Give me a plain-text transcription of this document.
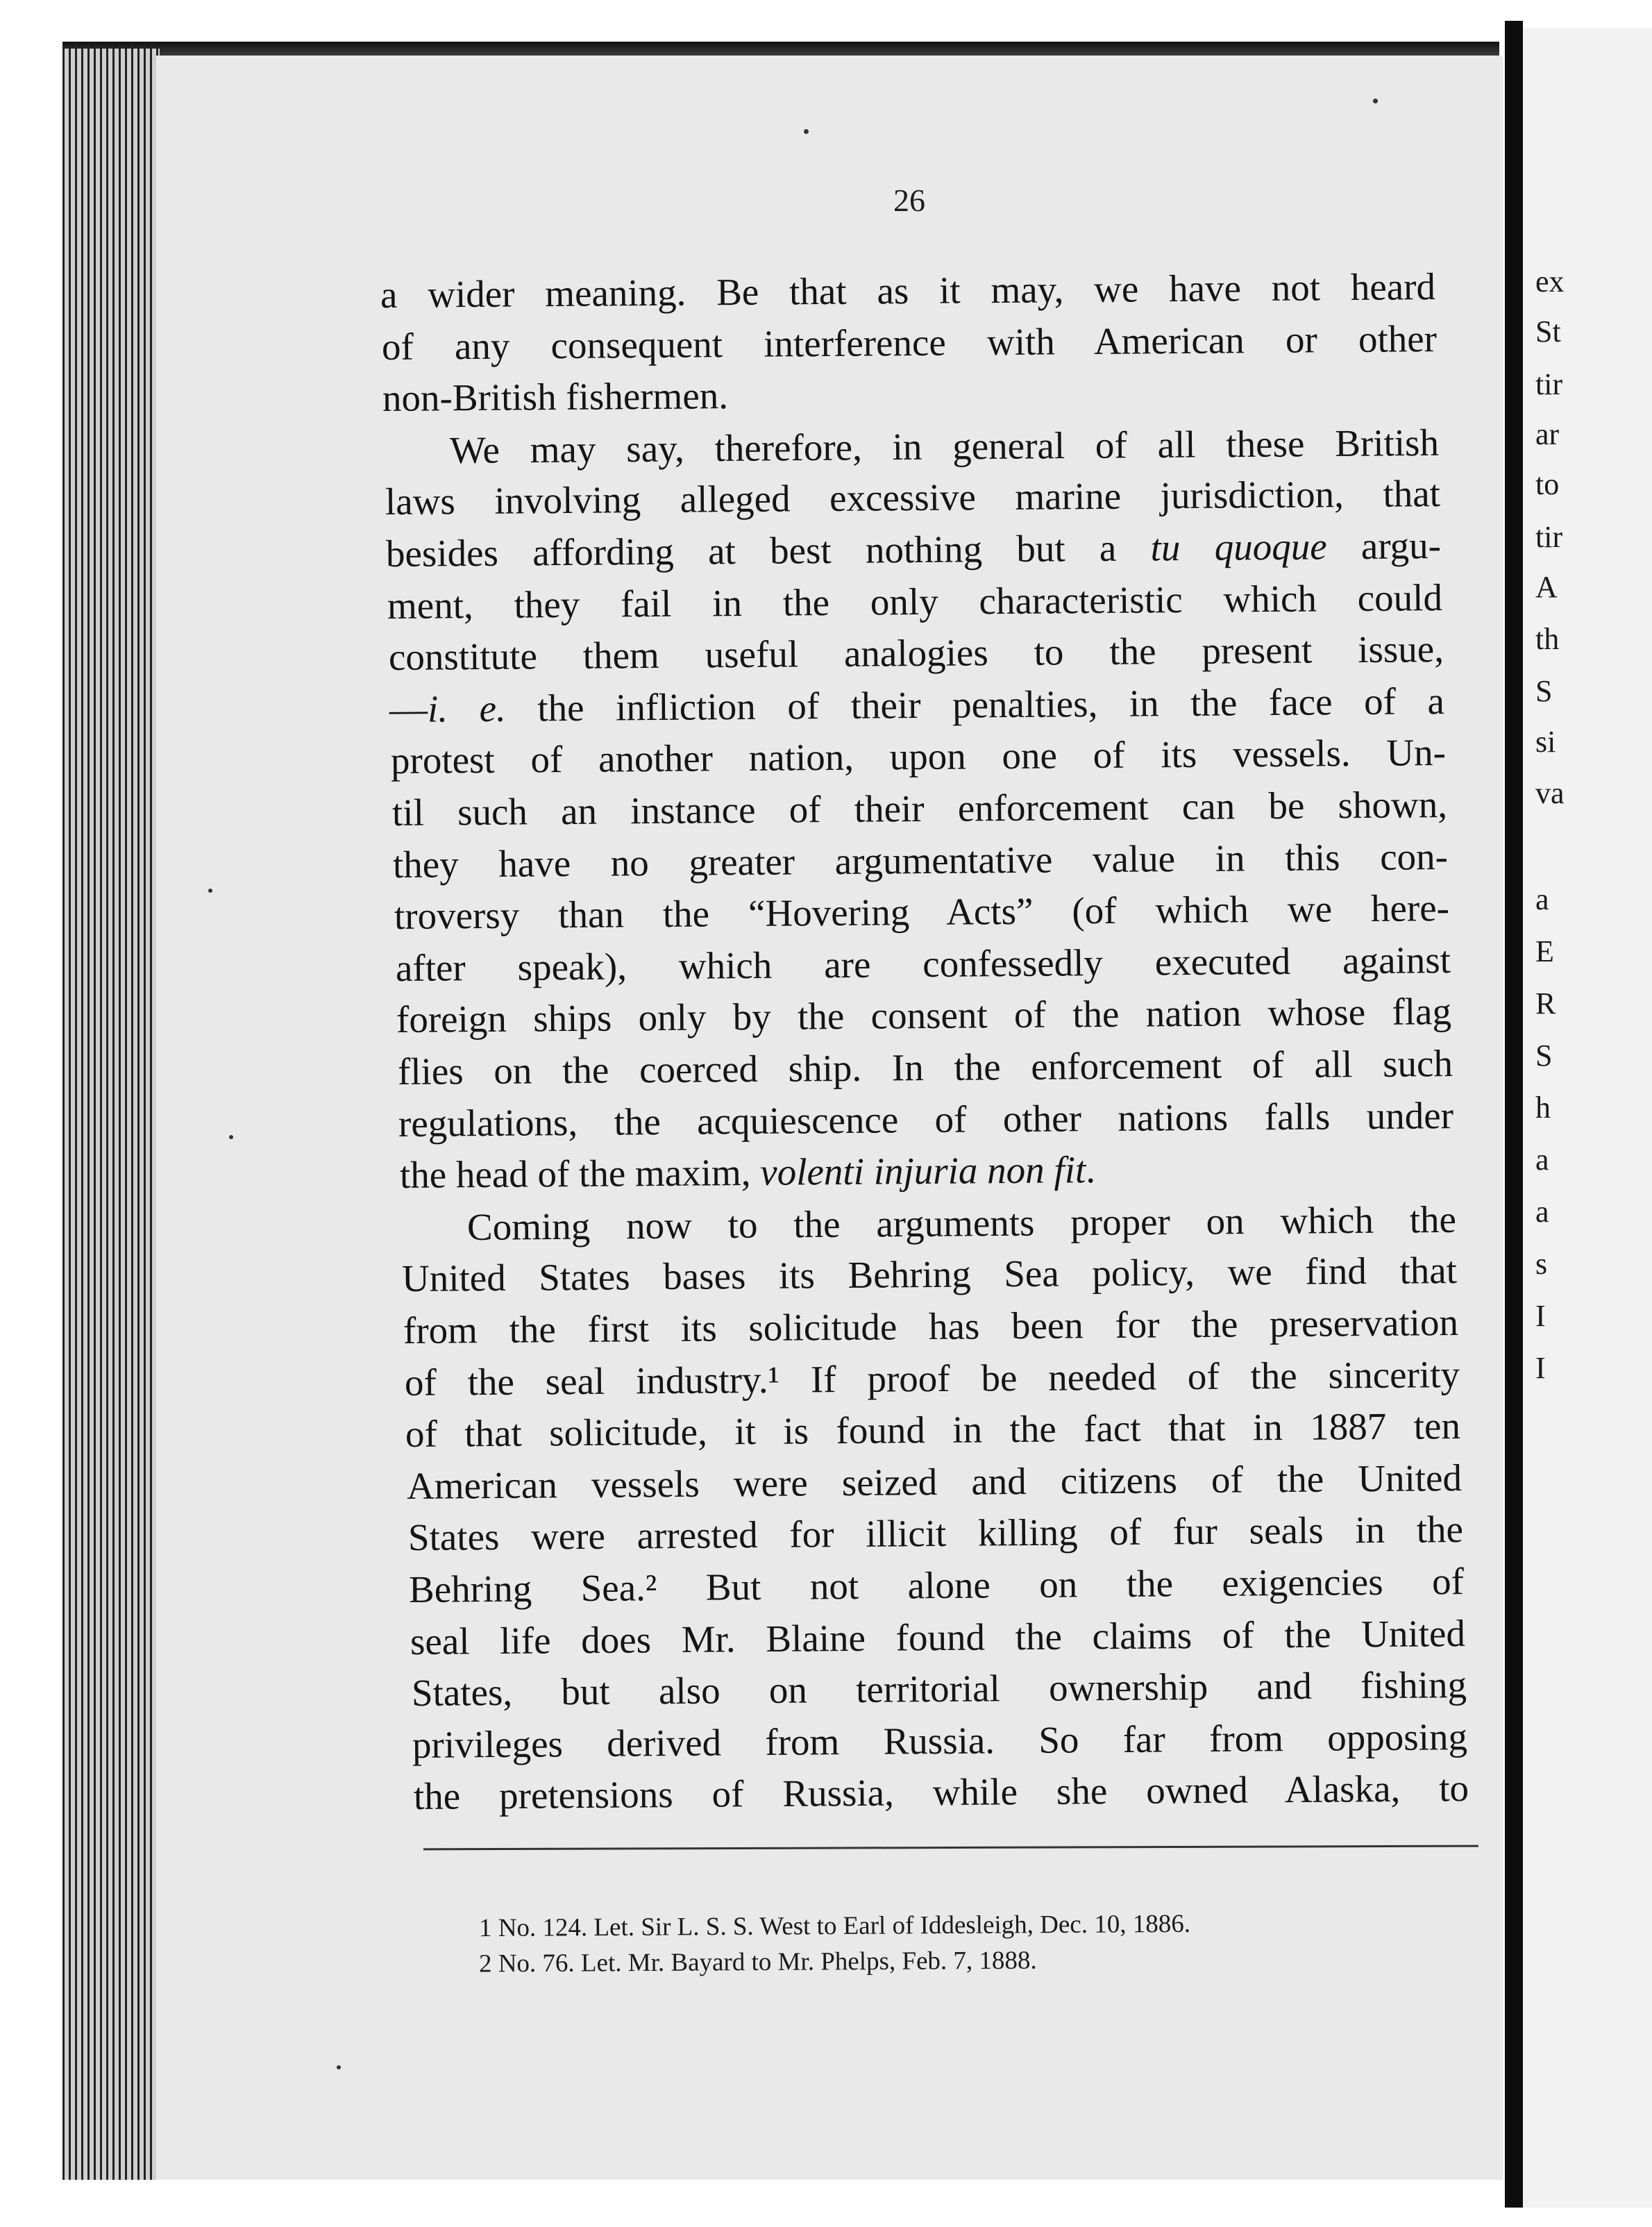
ex
St
tir
ar
to
tir
A
th
S
si
va
a
E
R
S
h
a
a
s
I
I
26
a wider meaning. Be that as it may, we have not heard
of any consequent interference with American or other
non-British fishermen.
We may say, therefore, in general of all these British
laws involving alleged excessive marine jurisdiction, that
besides affording at best nothing but a tu quoque argu-
ment, they fail in the only characteristic which could
constitute them useful analogies to the present issue,
—i. e. the infliction of their penalties, in the face of a
protest of another nation, upon one of its vessels. Un-
til such an instance of their enforcement can be shown,
they have no greater argumentative value in this con-
troversy than the “Hovering Acts” (of which we here-
after speak), which are confessedly executed against
foreign ships only by the consent of the nation whose flag
flies on the coerced ship. In the enforcement of all such
regulations, the acquiescence of other nations falls under
the head of the maxim, volenti injuria non fit.
Coming now to the arguments proper on which the
United States bases its Behring Sea policy, we find that
from the first its solicitude has been for the preservation
of the seal industry.¹ If proof be needed of the sincerity
of that solicitude, it is found in the fact that in 1887 ten
American vessels were seized and citizens of the United
States were arrested for illicit killing of fur seals in the
Behring Sea.² But not alone on the exigencies of
seal life does Mr. Blaine found the claims of the United
States, but also on territorial ownership and fishing
privileges derived from Russia. So far from opposing
the pretensions of Russia, while she owned Alaska, to
1 No. 124. Let. Sir L. S. S. West to Earl of Iddesleigh, Dec. 10, 1886.
2 No. 76. Let. Mr. Bayard to Mr. Phelps, Feb. 7, 1888.
